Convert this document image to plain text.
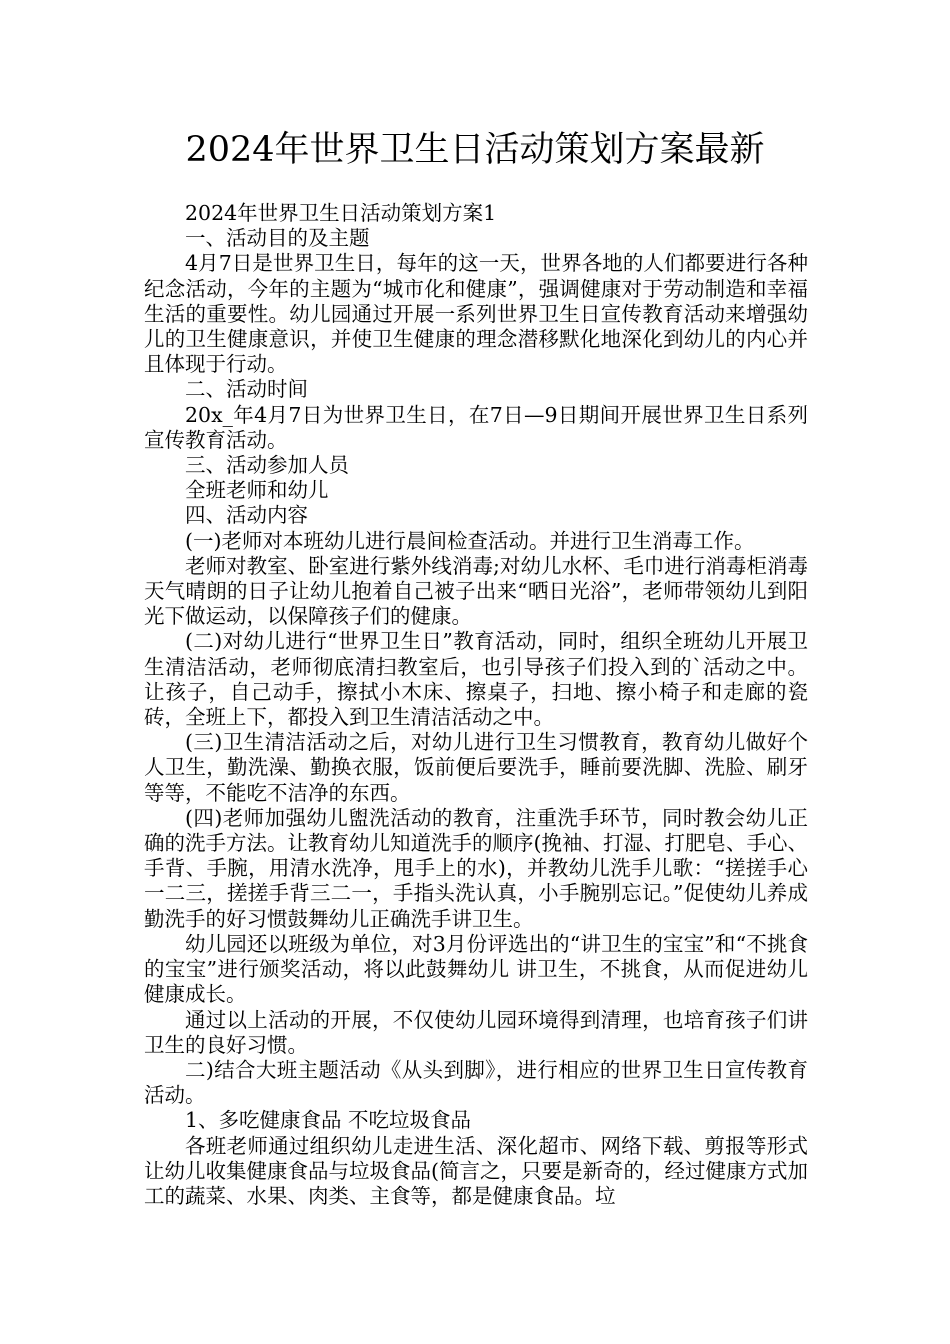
2024年世界卫生日活动策划方案最新

2024年世界卫生日活动策划方案1

一、活动目的及主题

4月7日是世界卫生日，每年的这一天，世界各地的人们都要进行各种纪念活动，今年的主题为“城市化和健康”，强调健康对于劳动制造和幸福生活的重要性。幼儿园通过开展一系列世界卫生日宣传教育活动来增强幼儿的卫生健康意识，并使卫生健康的理念潜移默化地深化到幼儿的内心并且体现于行动。

二、活动时间

20x_年4月7日为世界卫生日，在7日—9日期间开展世界卫生日系列宣传教育活动。

三、活动参加人员

全班老师和幼儿

四、活动内容

(一)老师对本班幼儿进行晨间检查活动。并进行卫生消毒工作。

老师对教室、卧室进行紫外线消毒;对幼儿水杯、毛巾进行消毒柜消毒天气晴朗的日子让幼儿抱着自己被子出来“晒日光浴”，老师带领幼儿到阳光下做运动，以保障孩子们的健康。

(二)对幼儿进行“世界卫生日”教育活动，同时，组织全班幼儿开展卫生清洁活动，老师彻底清扫教室后，也引导孩子们投入到的`活动之中。让孩子，自己动手，擦拭小木床、擦桌子，扫地、擦小椅子和走廊的瓷砖，全班上下，都投入到卫生清洁活动之中。

(三)卫生清洁活动之后，对幼儿进行卫生习惯教育，教育幼儿做好个人卫生，勤洗澡、勤换衣服，饭前便后要洗手，睡前要洗脚、洗脸、刷牙等等，不能吃不洁净的东西。

(四)老师加强幼儿盥洗活动的教育，注重洗手环节，同时教会幼儿正确的洗手方法。让教育幼儿知道洗手的顺序(挽袖、打湿、打肥皂、手心、手背、手腕，用清水洗净，甩手上的水)，并教幼儿洗手儿歌：“搓搓手心一二三，搓搓手背三二一，手指头洗认真，小手腕别忘记。”促使幼儿养成勤洗手的好习惯鼓舞幼儿正确洗手讲卫生。

幼儿园还以班级为单位，对3月份评选出的“讲卫生的宝宝”和“不挑食的宝宝”进行颁奖活动，将以此鼓舞幼儿 讲卫生，不挑食，从而促进幼儿健康成长。

通过以上活动的开展，不仅使幼儿园环境得到清理，也培育孩子们讲卫生的良好习惯。

二)结合大班主题活动《从头到脚》，进行相应的世界卫生日宣传教育活动。

1、多吃健康食品 不吃垃圾食品

各班老师通过组织幼儿走进生活、深化超市、网络下载、剪报等形式让幼儿收集健康食品与垃圾食品(简言之，只要是新奇的，经过健康方式加工的蔬菜、水果、肉类、主食等，都是健康食品。垃
